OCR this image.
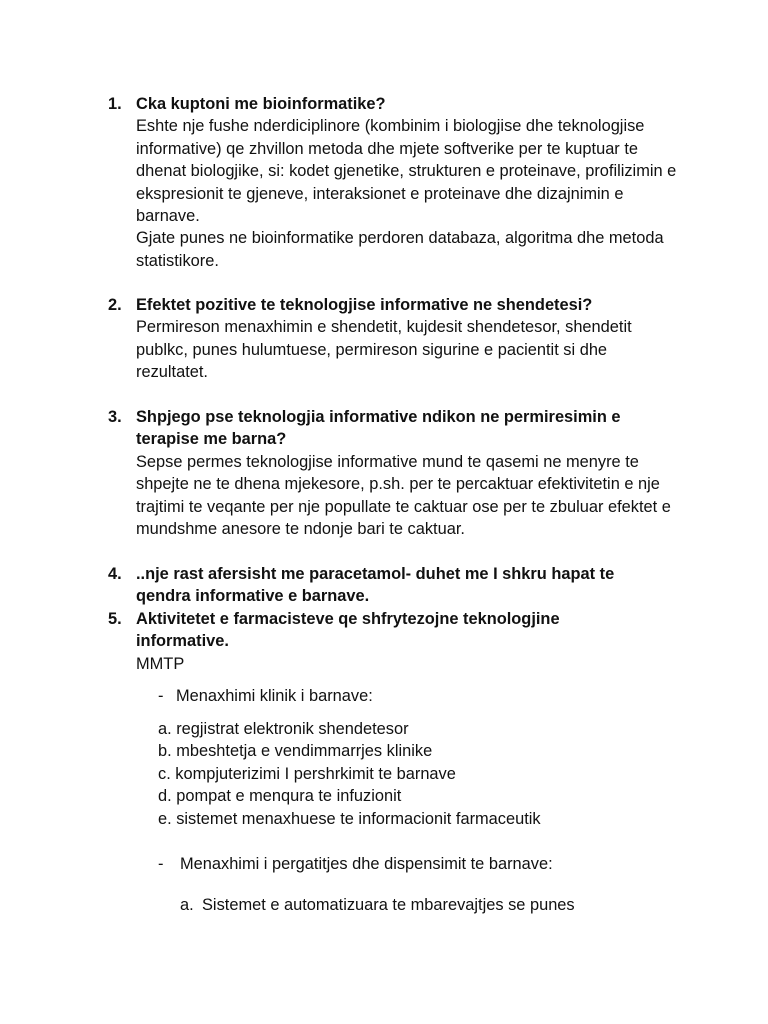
1. Cka kuptoni me bioinformatike?
Eshte nje fushe nderdiciplinore (kombinim i biologjise dhe teknologjise informative) qe zhvillon metoda dhe mjete softverike per te kuptuar te dhenat biologjike, si: kodet gjenetike, strukturen e proteinave, profilizimin e ekspresionit te gjeneve, interaksionet e proteinave dhe dizajnimin e barnave.
Gjate punes ne bioinformatike perdoren databaza, algoritma dhe metoda statistikore.
2. Efektet pozitive te teknologjise informative ne shendetesi?
Permireson menaxhimin e shendetit, kujdesit shendetesor, shendetit publkc, punes hulumtuese, permireson sigurine e pacientit si dhe rezultatet.
3. Shpjego pse teknologjia informative ndikon ne permiresimin e terapise me barna?
Sepse permes teknologjise informative mund te qasemi ne menyre te shpejte ne te dhena mjekesore, p.sh. per te percaktuar efektivitetin e nje trajtimi te veqante per nje popullate te caktuar ose per te zbuluar efektet e mundshme anesore te ndonje bari te caktuar.
4. ..nje rast afersisht me paracetamol- duhet me I shkru hapat te qendra informative e barnave.
5. Aktivitetet e farmacisteve qe shfrytezojne teknologjine informative.
MMTP
- Menaxhimi klinik i barnave:
a. regjistrat elektronik shendetesor
b. mbeshtetja e vendimmarrjes klinike
c. kompjuterizimi I pershrkimit te barnave
d. pompat e menqura te infuzionit
e. sistemet menaxhuese te informacionit farmaceutik
- Menaxhimi i pergatitjes dhe dispensimit te barnave:
a. Sistemet e automatizuara te mbarevajtjes se punes
